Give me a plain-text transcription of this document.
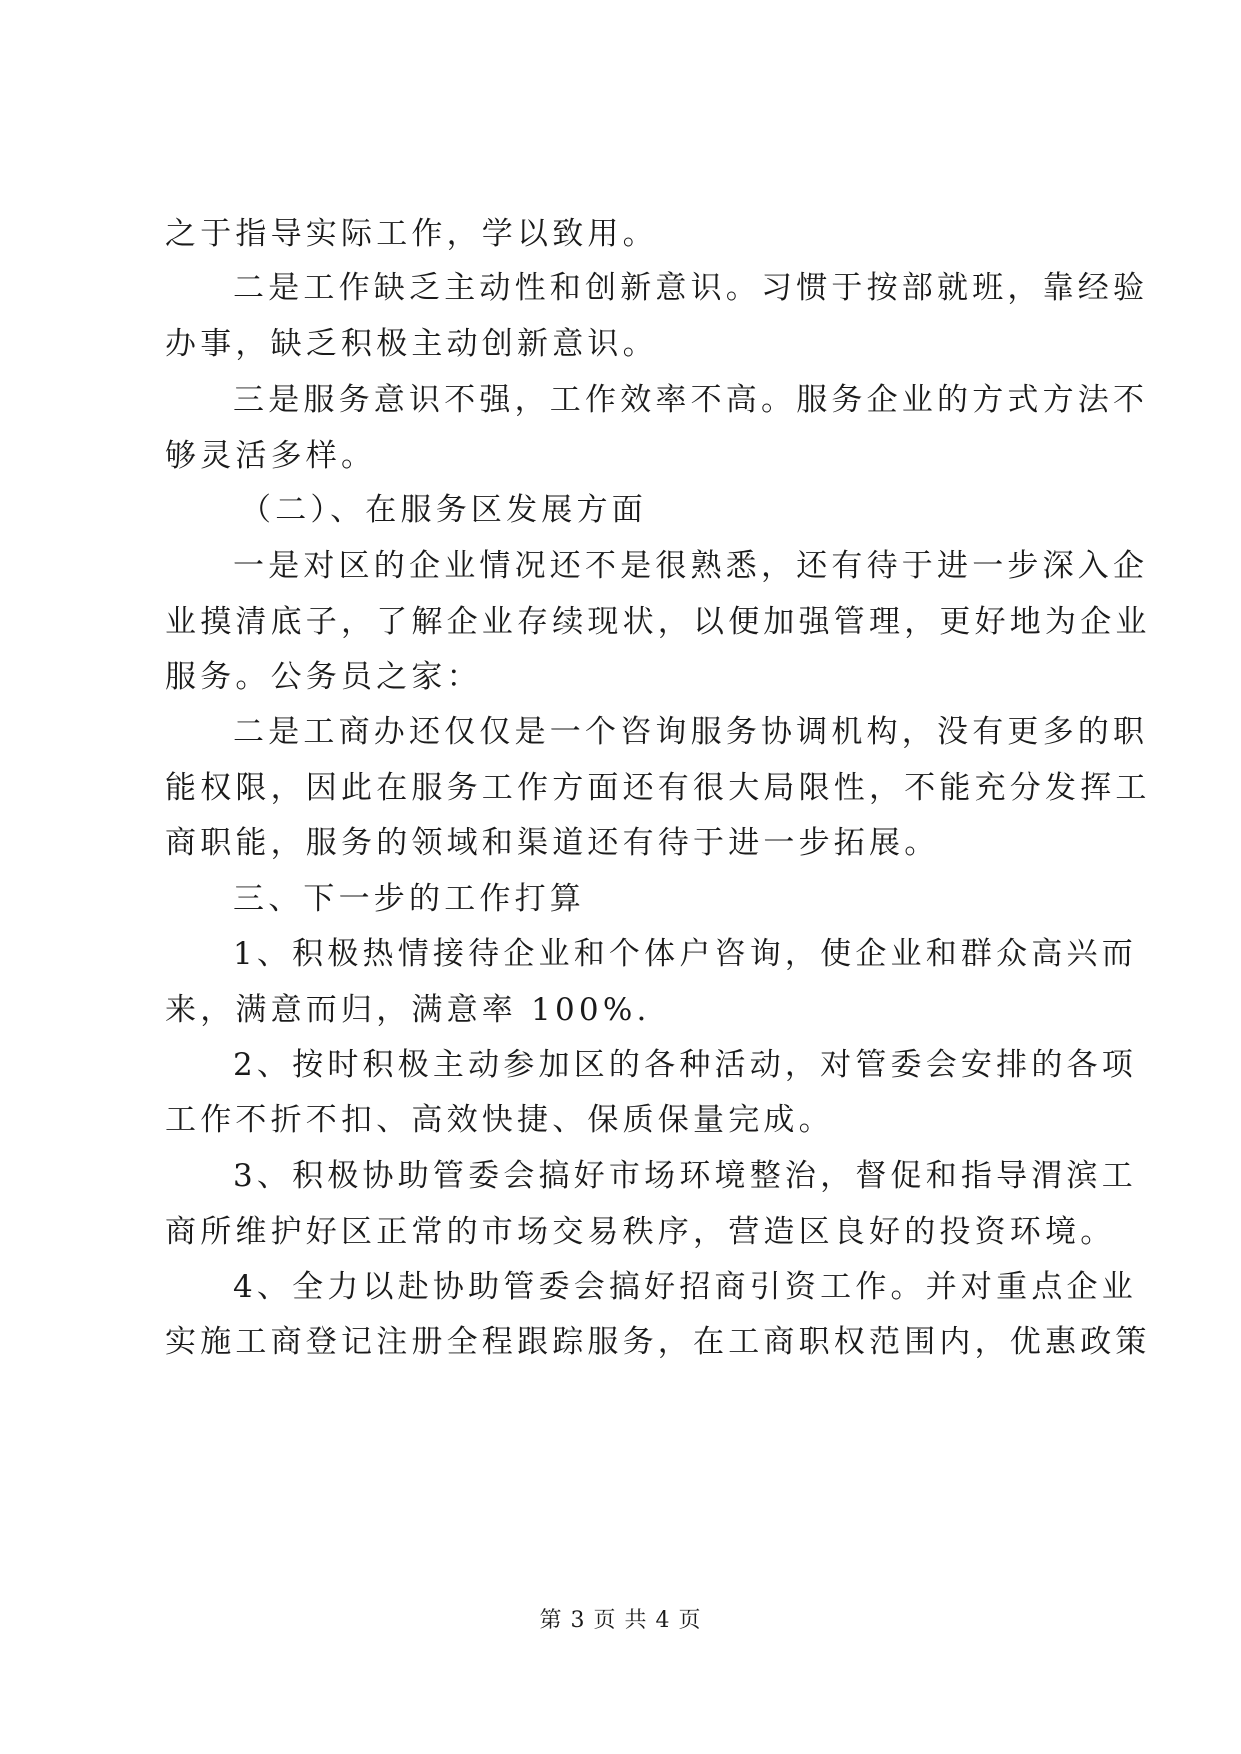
之于指导实际工作，学以致用。
二是工作缺乏主动性和创新意识。习惯于按部就班，靠经验
办事，缺乏积极主动创新意识。
三是服务意识不强，工作效率不高。服务企业的方式方法不
够灵活多样。
（二）、在服务区发展方面
一是对区的企业情况还不是很熟悉，还有待于进一步深入企
业摸清底子，了解企业存续现状，以便加强管理，更好地为企业
服务。公务员之家：
二是工商办还仅仅是一个咨询服务协调机构，没有更多的职
能权限，因此在服务工作方面还有很大局限性，不能充分发挥工
商职能，服务的领域和渠道还有待于进一步拓展。
三、下一步的工作打算
1、积极热情接待企业和个体户咨询，使企业和群众高兴而
来，满意而归，满意率 100%.
2、按时积极主动参加区的各种活动，对管委会安排的各项
工作不折不扣、高效快捷、保质保量完成。
3、积极协助管委会搞好市场环境整治，督促和指导渭滨工
商所维护好区正常的市场交易秩序，营造区良好的投资环境。
4、全力以赴协助管委会搞好招商引资工作。并对重点企业
实施工商登记注册全程跟踪服务，在工商职权范围内，优惠政策
第 3 页 共 4 页
